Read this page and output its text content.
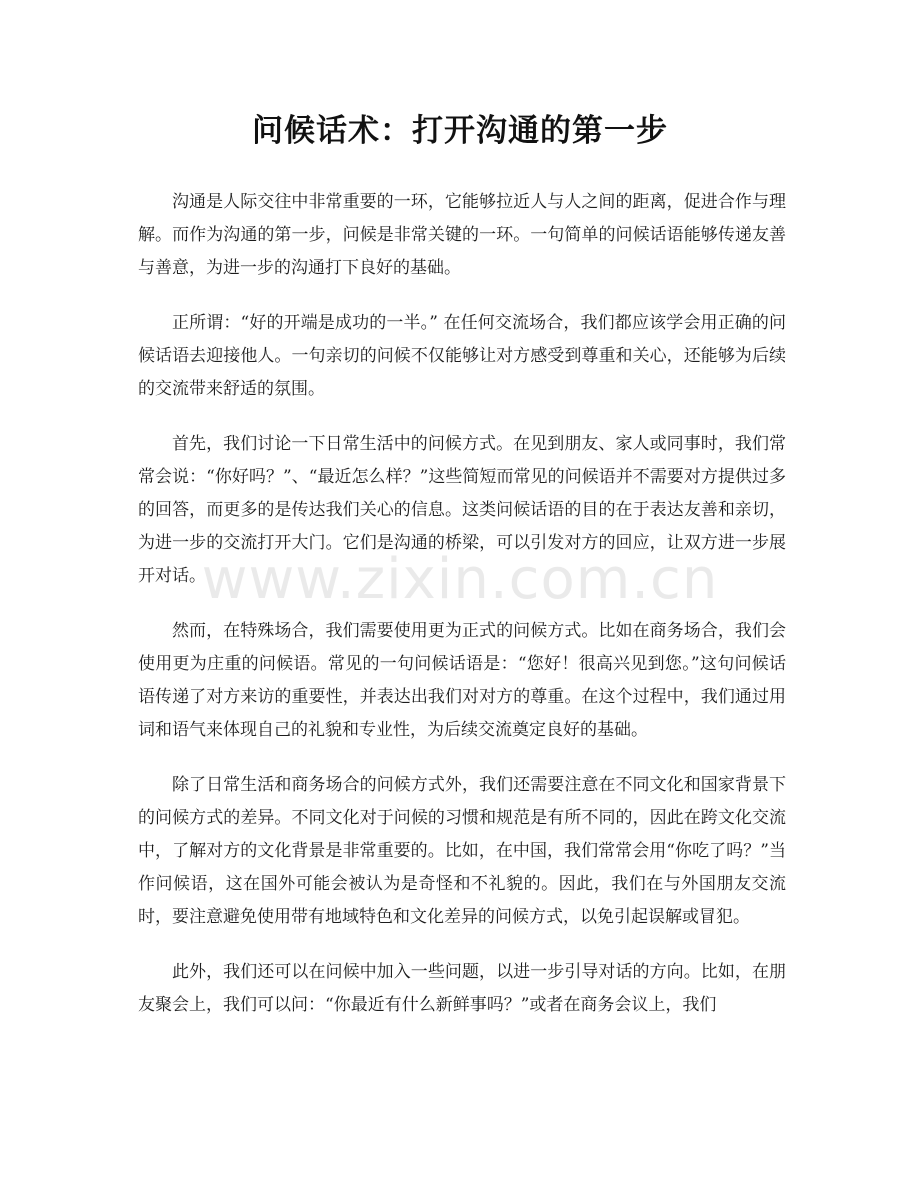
问候话术：打开沟通的第一步

沟通是人际交往中非常重要的一环，它能够拉近人与人之间的距离，促进合作与理解。而作为沟通的第一步，问候是非常关键的一环。一句简单的问候话语能够传递友善与善意，为进一步的沟通打下良好的基础。

正所谓：“好的开端是成功的一半。” 在任何交流场合，我们都应该学会用正确的问候话语去迎接他人。一句亲切的问候不仅能够让对方感受到尊重和关心，还能够为后续的交流带来舒适的氛围。

首先，我们讨论一下日常生活中的问候方式。在见到朋友、家人或同事时，我们常常会说：“你好吗？”、“最近怎么样？”这些简短而常见的问候语并不需要对方提供过多的回答，而更多的是传达我们关心的信息。这类问候话语的目的在于表达友善和亲切，为进一步的交流打开大门。它们是沟通的桥梁，可以引发对方的回应，让双方进一步展开对话。

然而，在特殊场合，我们需要使用更为正式的问候方式。比如在商务场合，我们会使用更为庄重的问候语。常见的一句问候话语是：“您好！很高兴见到您。”这句问候话语传递了对方来访的重要性，并表达出我们对对方的尊重。在这个过程中，我们通过用词和语气来体现自己的礼貌和专业性，为后续交流奠定良好的基础。

除了日常生活和商务场合的问候方式外，我们还需要注意在不同文化和国家背景下的问候方式的差异。不同文化对于问候的习惯和规范是有所不同的，因此在跨文化交流中，了解对方的文化背景是非常重要的。比如，在中国，我们常常会用“你吃了吗？”当作问候语，这在国外可能会被认为是奇怪和不礼貌的。因此，我们在与外国朋友交流时，要注意避免使用带有地域特色和文化差异的问候方式，以免引起误解或冒犯。

此外，我们还可以在问候中加入一些问题，以进一步引导对话的方向。比如，在朋友聚会上，我们可以问：“你最近有什么新鲜事吗？”或者在商务会议上，我们

www.zixin.com.cn
